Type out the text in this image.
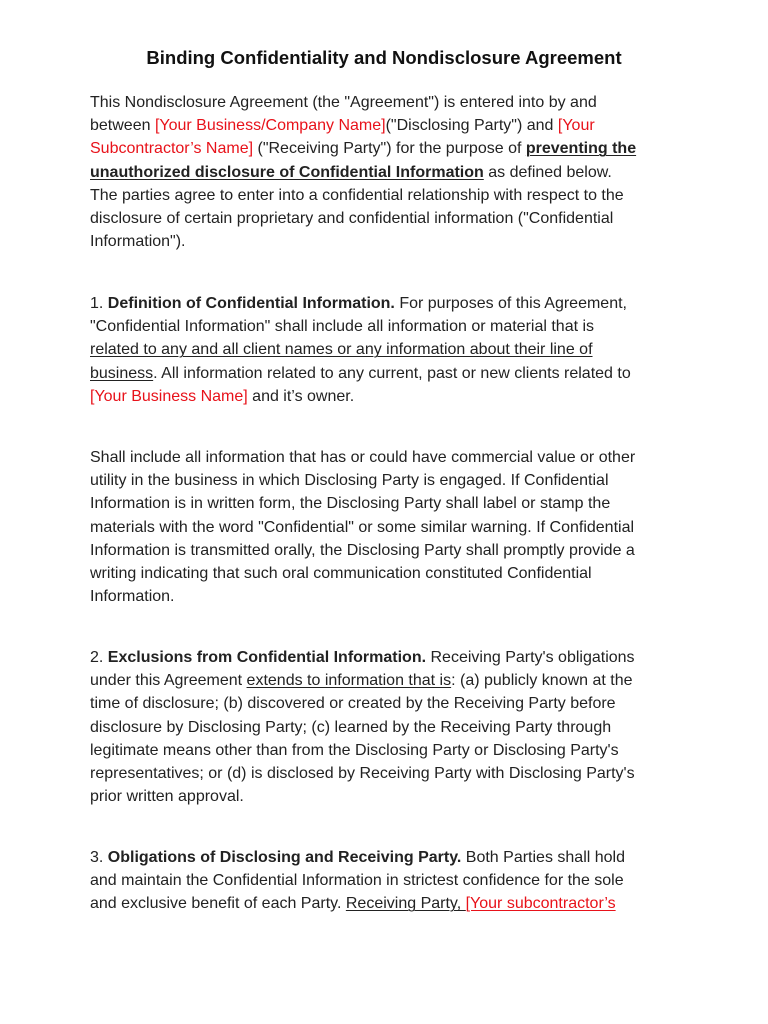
Binding Confidentiality and Nondisclosure Agreement
This Nondisclosure Agreement (the "Agreement") is entered into by and
between [Your Business/Company Name]("Disclosing Party") and [Your
Subcontractor’s Name] ("Receiving Party") for the purpose of preventing the
unauthorized disclosure of Confidential Information as defined below.
The parties agree to enter into a confidential relationship with respect to the
disclosure of certain proprietary and confidential information ("Confidential
Information").
1. Definition of Confidential Information. For purposes of this Agreement,
"Confidential Information" shall include all information or material that is
related to any and all client names or any information about their line of
business. All information related to any current, past or new clients related to
[Your Business Name] and it’s owner.
Shall include all information that has or could have commercial value or other
utility in the business in which Disclosing Party is engaged. If Confidential
Information is in written form, the Disclosing Party shall label or stamp the
materials with the word "Confidential" or some similar warning. If Confidential
Information is transmitted orally, the Disclosing Party shall promptly provide a
writing indicating that such oral communication constituted Confidential
Information.
2. Exclusions from Confidential Information. Receiving Party's obligations
under this Agreement extends to information that is: (a) publicly known at the
time of disclosure; (b) discovered or created by the Receiving Party before
disclosure by Disclosing Party; (c) learned by the Receiving Party through
legitimate means other than from the Disclosing Party or Disclosing Party's
representatives; or (d) is disclosed by Receiving Party with Disclosing Party's
prior written approval.
3. Obligations of Disclosing and Receiving Party. Both Parties shall hold
and maintain the Confidential Information in strictest confidence for the sole
and exclusive benefit of each Party. Receiving Party, [Your subcontractor’s
